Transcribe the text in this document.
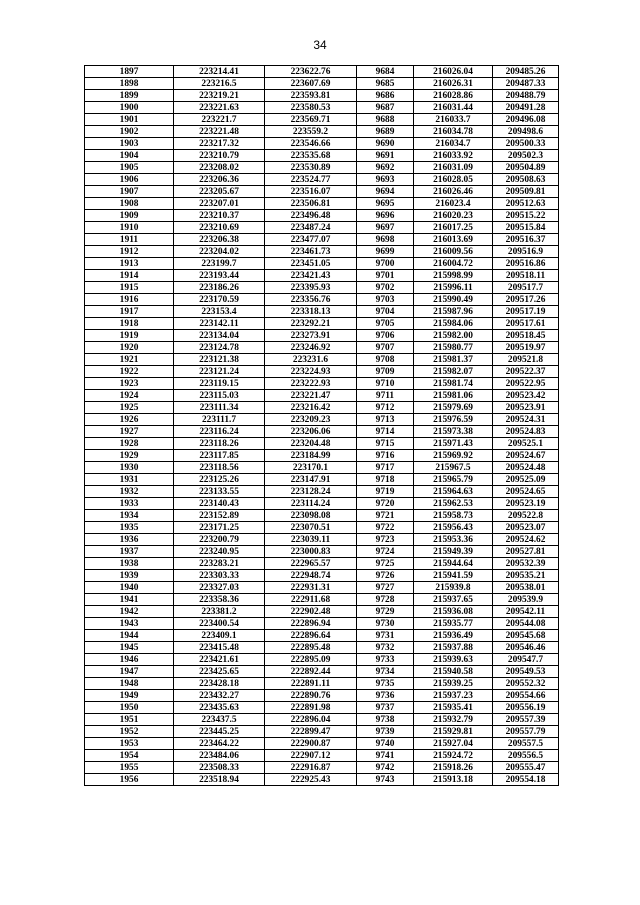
34
1897	223214.41	223622.76	9684	216026.04	209485.26
1898	223216.5	223607.69	9685	216026.31	209487.33
1899	223219.21	223593.81	9686	216028.86	209488.79
1900	223221.63	223580.53	9687	216031.44	209491.28
1901	223221.7	223569.71	9688	216033.7	209496.08
1902	223221.48	223559.2	9689	216034.78	209498.6
1903	223217.32	223546.66	9690	216034.7	209500.33
1904	223210.79	223535.68	9691	216033.92	209502.3
1905	223208.02	223530.89	9692	216031.09	209504.89
1906	223206.36	223524.77	9693	216028.05	209508.63
1907	223205.67	223516.07	9694	216026.46	209509.81
1908	223207.01	223506.81	9695	216023.4	209512.63
1909	223210.37	223496.48	9696	216020.23	209515.22
1910	223210.69	223487.24	9697	216017.25	209515.84
1911	223206.38	223477.07	9698	216013.69	209516.37
1912	223204.02	223461.73	9699	216009.56	209516.9
1913	223199.7	223451.05	9700	216004.72	209516.86
1914	223193.44	223421.43	9701	215998.99	209518.11
1915	223186.26	223395.93	9702	215996.11	209517.7
1916	223170.59	223356.76	9703	215990.49	209517.26
1917	223153.4	223318.13	9704	215987.96	209517.19
1918	223142.11	223292.21	9705	215984.06	209517.61
1919	223134.04	223273.91	9706	215982.00	209518.45
1920	223124.78	223246.92	9707	215980.77	209519.97
1921	223121.38	223231.6	9708	215981.37	209521.8
1922	223121.24	223224.93	9709	215982.07	209522.37
1923	223119.15	223222.93	9710	215981.74	209522.95
1924	223115.03	223221.47	9711	215981.06	209523.42
1925	223111.34	223216.42	9712	215979.69	209523.91
1926	223111.7	223209.23	9713	215976.59	209524.31
1927	223116.24	223206.06	9714	215973.38	209524.83
1928	223118.26	223204.48	9715	215971.43	209525.1
1929	223117.85	223184.99	9716	215969.92	209524.67
1930	223118.56	223170.1	9717	215967.5	209524.48
1931	223125.26	223147.91	9718	215965.79	209525.09
1932	223133.55	223128.24	9719	215964.63	209524.65
1933	223140.43	223114.24	9720	215962.53	209523.19
1934	223152.89	223098.08	9721	215958.73	209522.8
1935	223171.25	223070.51	9722	215956.43	209523.07
1936	223200.79	223039.11	9723	215953.36	209524.62
1937	223240.95	223000.83	9724	215949.39	209527.81
1938	223283.21	222965.57	9725	215944.64	209532.39
1939	223303.33	222948.74	9726	215941.59	209535.21
1940	223327.03	222931.31	9727	215939.8	209538.01
1941	223358.36	222911.68	9728	215937.65	209539.9
1942	223381.2	222902.48	9729	215936.08	209542.11
1943	223400.54	222896.94	9730	215935.77	209544.08
1944	223409.1	222896.64	9731	215936.49	209545.68
1945	223415.48	222895.48	9732	215937.88	209546.46
1946	223421.61	222895.09	9733	215939.63	209547.7
1947	223425.65	222892.44	9734	215940.58	209549.53
1948	223428.18	222891.11	9735	215939.25	209552.32
1949	223432.27	222890.76	9736	215937.23	209554.66
1950	223435.63	222891.98	9737	215935.41	209556.19
1951	223437.5	222896.04	9738	215932.79	209557.39
1952	223445.25	222899.47	9739	215929.81	209557.79
1953	223464.22	222900.87	9740	215927.04	209557.5
1954	223484.06	222907.12	9741	215924.72	209556.5
1955	223508.33	222916.87	9742	215918.26	209555.47
1956	223518.94	222925.43	9743	215913.18	209554.18
